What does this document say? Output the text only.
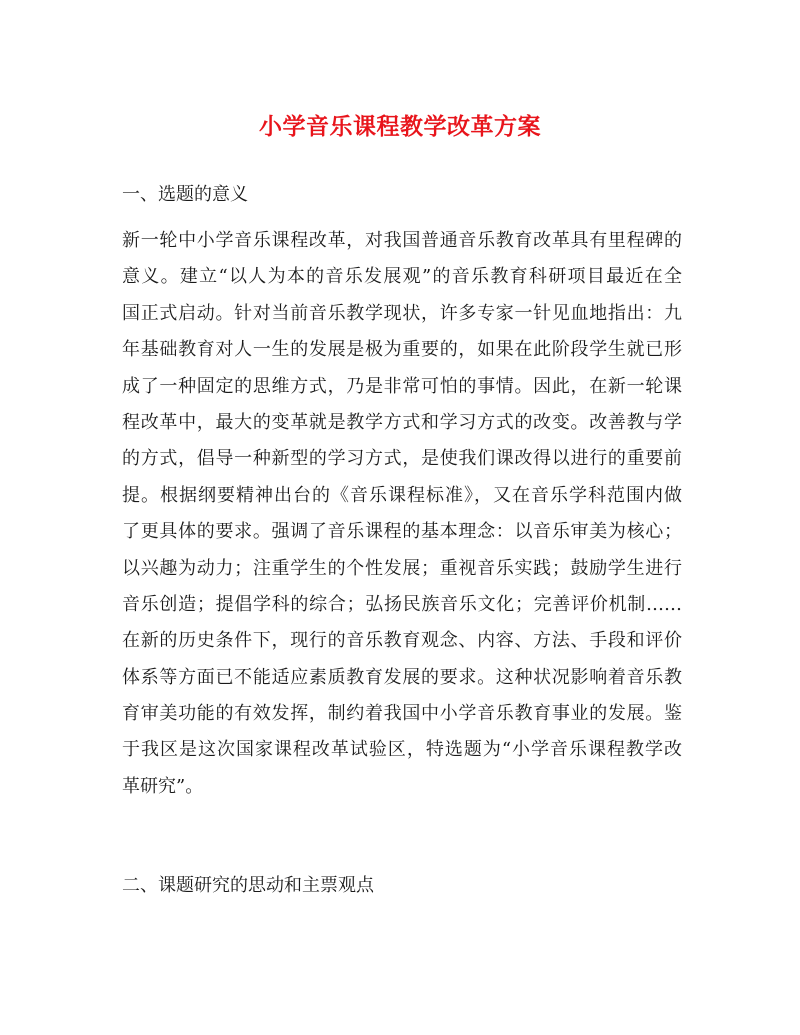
小学音乐课程教学改革方案
一、选题的意义
新一轮中小学音乐课程改革，对我国普通音乐教育改革具有里程碑的
意义。建立“以人为本的音乐发展观”的音乐教育科研项目最近在全
国正式启动。针对当前音乐教学现状，许多专家一针见血地指出：九
年基础教育对人一生的发展是极为重要的，如果在此阶段学生就已形
成了一种固定的思维方式，乃是非常可怕的事情。因此，在新一轮课
程改革中，最大的变革就是教学方式和学习方式的改变。改善教与学
的方式，倡导一种新型的学习方式，是使我们课改得以进行的重要前
提。根据纲要精神出台的《音乐课程标准》，又在音乐学科范围内做
了更具体的要求。强调了音乐课程的基本理念：以音乐审美为核心；
以兴趣为动力；注重学生的个性发展；重视音乐实践；鼓励学生进行
音乐创造；提倡学科的综合；弘扬民族音乐文化；完善评价机制……
在新的历史条件下，现行的音乐教育观念、内容、方法、手段和评价
体系等方面已不能适应素质教育发展的要求。这种状况影响着音乐教
育审美功能的有效发挥，制约着我国中小学音乐教育事业的发展。鉴
于我区是这次国家课程改革试验区，特选题为“小学音乐课程教学改
革研究”。
二、课题研究的思动和主票观点
